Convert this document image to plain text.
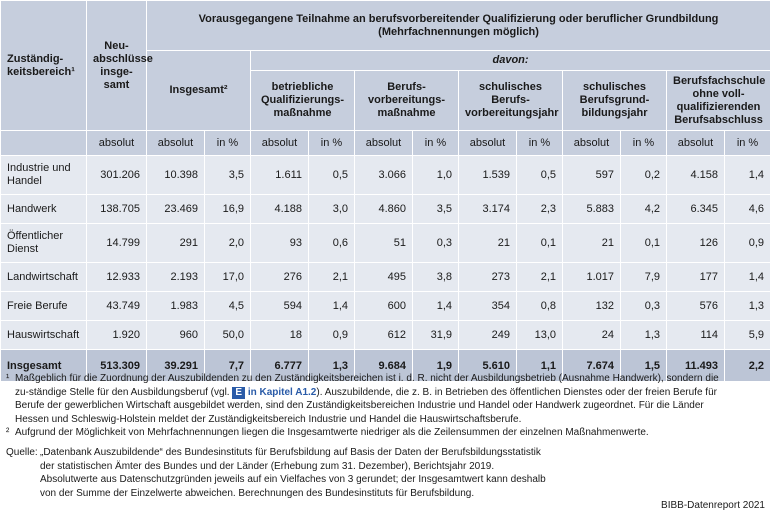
Zuständig-keitsbereich¹	Neu-abschlüsse insge-samt	Vorausgegangene Teilnahme an berufsvorbereitender Qualifizierung oder beruflicher Grundbildung
(Mehrfachnennungen möglich)											

		Insgesamt²		davon:									
				betriebliche Qualifizierungs-maßnahme		Berufs-vorbereitungs-maßnahme		schulisches Berufs-vorbereitungsjahr		schulisches Berufsgrund-bildungsjahr		Berufsfachschule ohne voll-qualifizierenden Berufsabschluss	
	absolut	absolut	in %	absolut	in %	absolut	in %	absolut	in %	absolut	in %	absolut	in %
Industrie und Handel	301.206	10.398	3,5	1.611	0,5	3.066	1,0	1.539	0,5	597	0,2	4.158	1,4
Handwerk	138.705	23.469	16,9	4.188	3,0	4.860	3,5	3.174	2,3	5.883	4,2	6.345	4,6
Öffentlicher Dienst	14.799	291	2,0	93	0,6	51	0,3	21	0,1	21	0,1	126	0,9
Landwirtschaft	12.933	2.193	17,0	276	2,1	495	3,8	273	2,1	1.017	7,9	177	1,4
Freie Berufe	43.749	1.983	4,5	594	1,4	600	1,4	354	0,8	132	0,3	576	1,3
Hauswirtschaft	1.920	960	50,0	18	0,9	612	31,9	249	13,0	24	1,3	114	5,9
Insgesamt	513.309	39.291	7,7	6.777	1,3	9.684	1,9	5.610	1,1	7.674	1,5	11.493	2,2

¹ Maßgeblich für die Zuordnung der Auszubildenden zu den Zuständigkeitsbereichen ist i. d. R. nicht der Ausbildungsbetrieb (Ausnahme Handwerk), sondern die zu-ständige Stelle für den Ausbildungsberuf (vgl. E in Kapitel A1.2). Auszubildende, die z. B. in Betrieben des öffentlichen Dienstes oder der freien Berufe für Berufe der gewerblichen Wirtschaft ausgebildet werden, sind den Zuständigkeitsbereichen Industrie und Handel oder Handwerk zugeordnet. Für die Länder Hessen und Schleswig-Holstein meldet der Zuständigkeitsbereich Industrie und Handel die Hauswirtschaftsberufe.

² Aufgrund der Möglichkeit von Mehrfachnennungen liegen die Insgesamtwerte niedriger als die Zeilensummen der einzelnen Maßnahmenwerte.

Quelle: „Datenbank Auszubildende“ des Bundesinstituts für Berufsbildung auf Basis der Daten der Berufsbildungsstatistik der statistischen Ämter des Bundes und der Länder (Erhebung zum 31. Dezember), Berichtsjahr 2019. Absolutwerte aus Datenschutzgründen jeweils auf ein Vielfaches von 3 gerundet; der Insgesamtwert kann deshalb von der Summe der Einzelwerte abweichen. Berechnungen des Bundesinstituts für Berufsbildung.
BIBB-Datenreport 2021
